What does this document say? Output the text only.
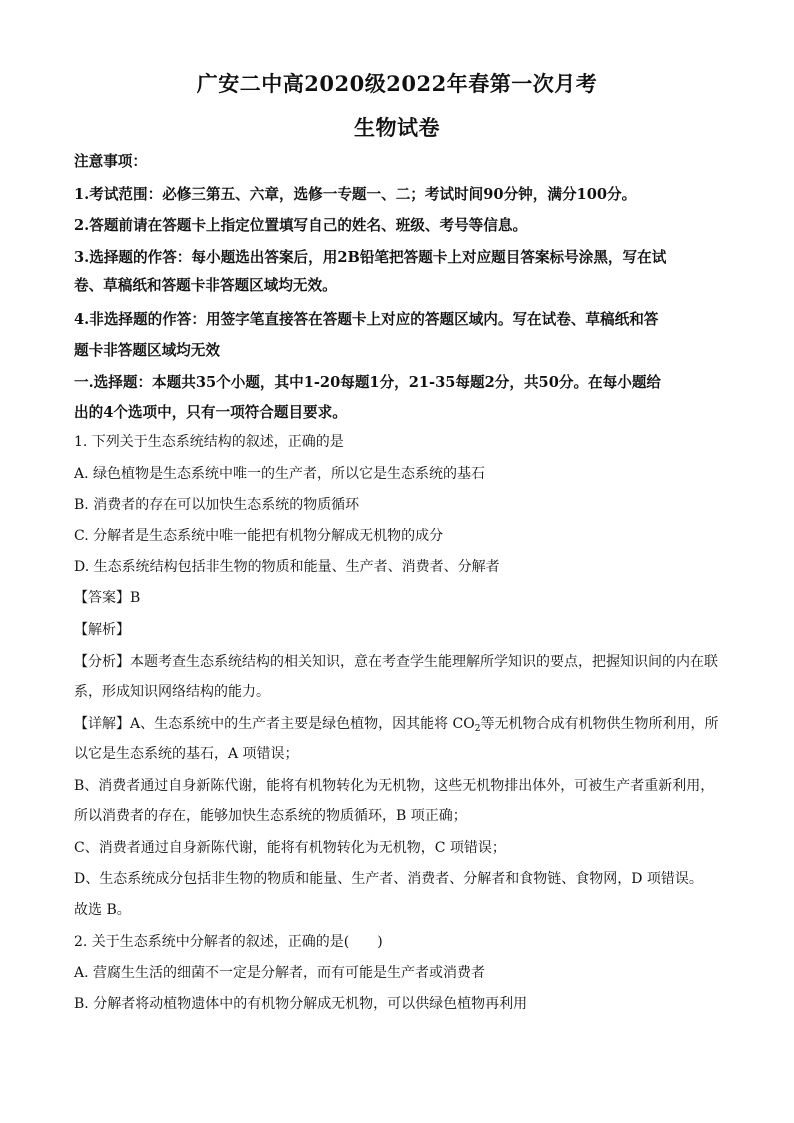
广安二中高2020级2022年春第一次月考
生物试卷
注意事项：
1.考试范围：必修三第五、六章，选修一专题一、二；考试时间90分钟，满分100分。
2.答题前请在答题卡上指定位置填写自己的姓名、班级、考号等信息。
3.选择题的作答：每小题选出答案后，用2B铅笔把答题卡上对应题目答案标号涂黑，写在试
卷、草稿纸和答题卡非答题区域均无效。
4.非选择题的作答：用签字笔直接答在答题卡上对应的答题区域内。写在试卷、草稿纸和答
题卡非答题区域均无效
一.选择题：本题共35个小题，其中1-20每题1分，21-35每题2分，共50分。在每小题给
出的4个选项中，只有一项符合题目要求。
1. 下列关于生态系统结构的叙述，正确的是
A. 绿色植物是生态系统中唯一的生产者，所以它是生态系统的基石
B. 消费者的存在可以加快生态系统的物质循环
C. 分解者是生态系统中唯一能把有机物分解成无机物的成分
D. 生态系统结构包括非生物的物质和能量、生产者、消费者、分解者
【答案】B
【解析】
【分析】本题考查生态系统结构的相关知识，意在考查学生能理解所学知识的要点，把握知识间的内在联
系，形成知识网络结构的能力。
【详解】A、生态系统中的生产者主要是绿色植物，因其能将 $CO_2$等无机物合成有机物供生物所利用，所
以它是生态系统的基石，A 项错误；
B、消费者通过自身新陈代谢，能将有机物转化为无机物，这些无机物排出体外，可被生产者重新利用，
所以消费者的存在，能够加快生态系统的物质循环，B 项正确；
C、消费者通过自身新陈代谢，能将有机物转化为无机物，C 项错误；
D、生态系统成分包括非生物的物质和能量、生产者、消费者、分解者和食物链、食物网，D 项错误。
故选 B。
2. 关于生态系统中分解者的叙述，正确的是(　　)
A. 营腐生生活的细菌不一定是分解者，而有可能是生产者或消费者
B. 分解者将动植物遗体中的有机物分解成无机物，可以供绿色植物再利用
